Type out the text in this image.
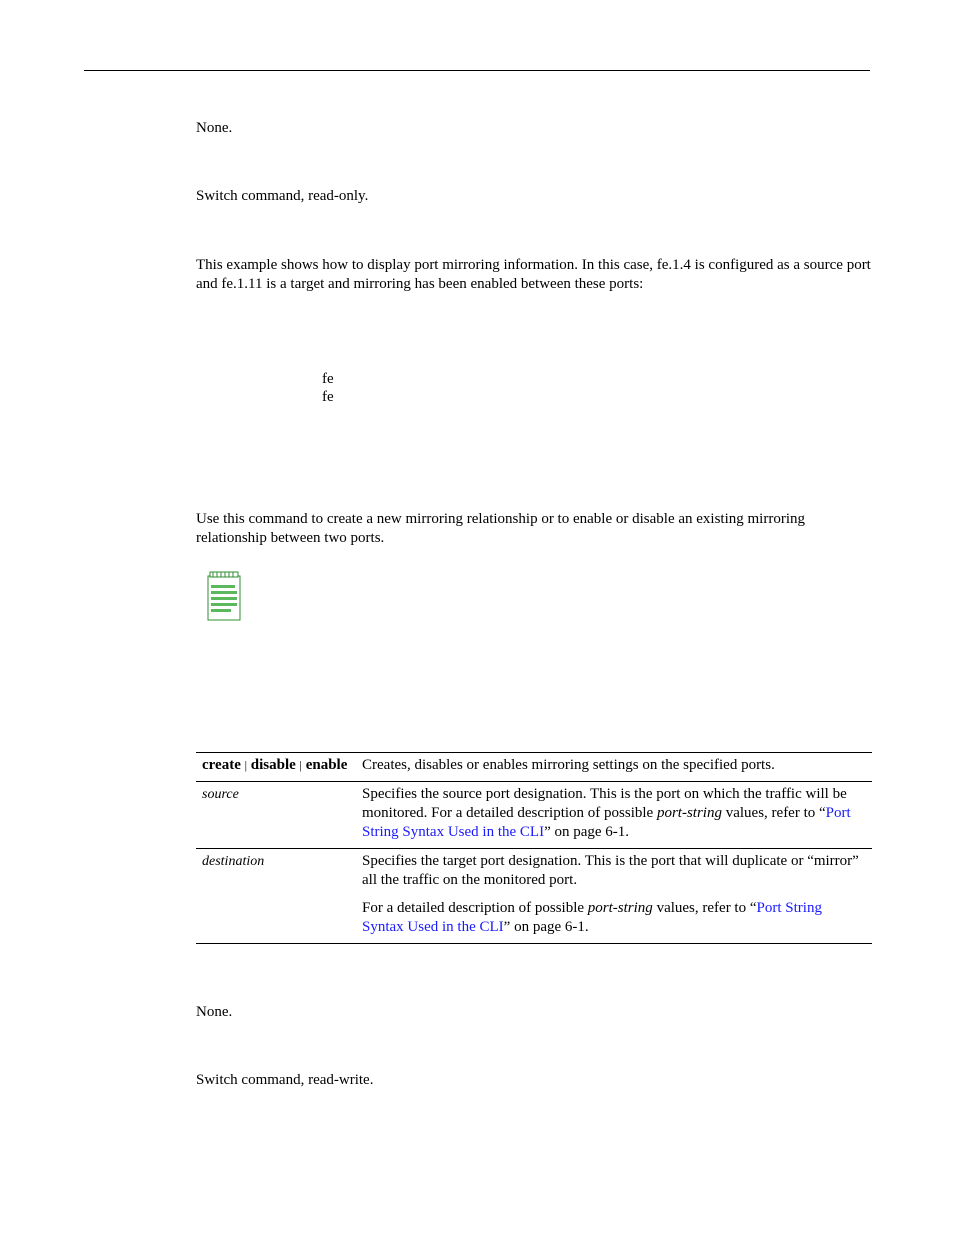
None.
Switch command, read-only.
This example shows how to display port mirroring information. In this case, fe.1.4 is configured as a source port and fe.1.11 is a target and mirroring has been enabled between these ports:
fe
fe
Use this command to create a new mirroring relationship or to enable or disable an existing mirroring relationship between two ports.
create | disable | enable	Creates, disables or enables mirroring settings on the specified ports.
source	Specifies the source port designation. This is the port on which the traffic will be monitored. For a detailed description of possible port-string values, refer to “Port String Syntax Used in the CLI” on page 6-1.
destination	Specifies the target port designation. This is the port that will duplicate or “mirror” all the traffic on the monitored port.

For a detailed description of possible port-string values, refer to “Port String Syntax Used in the CLI” on page 6-1.

None.
Switch command, read-write.
